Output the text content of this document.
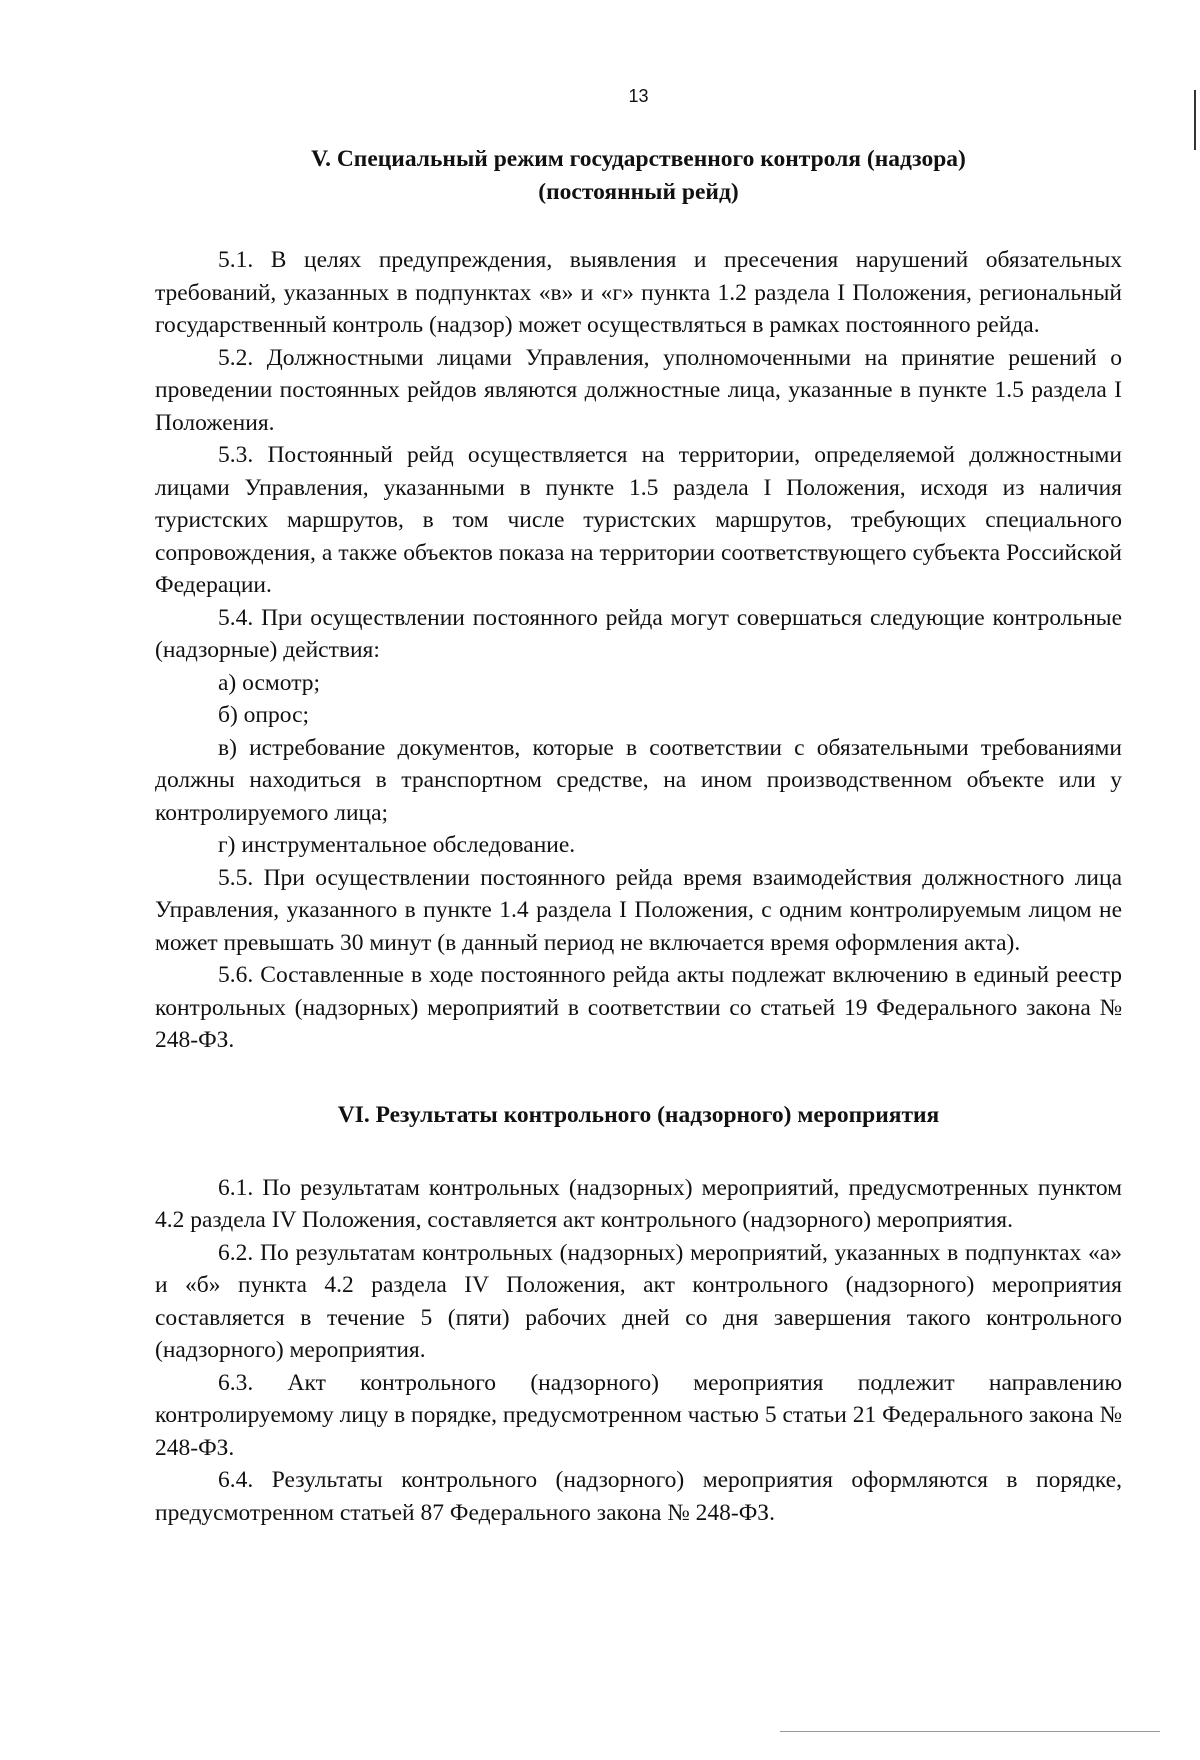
13
V. Специальный режим государственного контроля (надзора)
(постоянный рейд)

5.1. В целях предупреждения, выявления и пресечения нарушений обязательных требований, указанных в подпунктах «в» и «г» пункта 1.2 раздела I Положения, региональный государственный контроль (надзор) может осуществляться в рамках постоянного рейда.

5.2. Должностными лицами Управления, уполномоченными на принятие решений о проведении постоянных рейдов являются должностные лица, указанные в пункте 1.5 раздела I Положения.

5.3. Постоянный рейд осуществляется на территории, определяемой должностными лицами Управления, указанными в пункте 1.5 раздела I Положения, исходя из наличия туристских маршрутов, в том числе туристских маршрутов, требующих специального сопровождения, а также объектов показа на территории соответствующего субъекта Российской Федерации.

5.4. При осуществлении постоянного рейда могут совершаться следующие контрольные (надзорные) действия:

а) осмотр;

б) опрос;

в) истребование документов, которые в соответствии с обязательными требованиями должны находиться в транспортном средстве, на ином производственном объекте или у контролируемого лица;

г) инструментальное обследование.

5.5. При осуществлении постоянного рейда время взаимодействия должностного лица Управления, указанного в пункте 1.4 раздела I Положения, с одним контролируемым лицом не может превышать 30 минут (в данный период не включается время оформления акта).

5.6. Составленные в ходе постоянного рейда акты подлежат включению в единый реестр контрольных (надзорных) мероприятий в соответствии со статьей 19 Федерального закона № 248-ФЗ.

VI. Результаты контрольного (надзорного) мероприятия

6.1. По результатам контрольных (надзорных) мероприятий, предусмотренных пунктом 4.2 раздела IV Положения, составляется акт контрольного (надзорного) мероприятия.

6.2. По результатам контрольных (надзорных) мероприятий, указанных в подпунктах «а» и «б» пункта 4.2 раздела IV Положения, акт контрольного (надзорного) мероприятия составляется в течение 5 (пяти) рабочих дней со дня завершения такого контрольного (надзорного) мероприятия.

6.3. Акт контрольного (надзорного) мероприятия подлежит направлению контролируемому лицу в порядке, предусмотренном частью 5 статьи 21 Федерального закона № 248-ФЗ.

6.4. Результаты контрольного (надзорного) мероприятия оформляются в порядке, предусмотренном статьей 87 Федерального закона № 248-ФЗ.
